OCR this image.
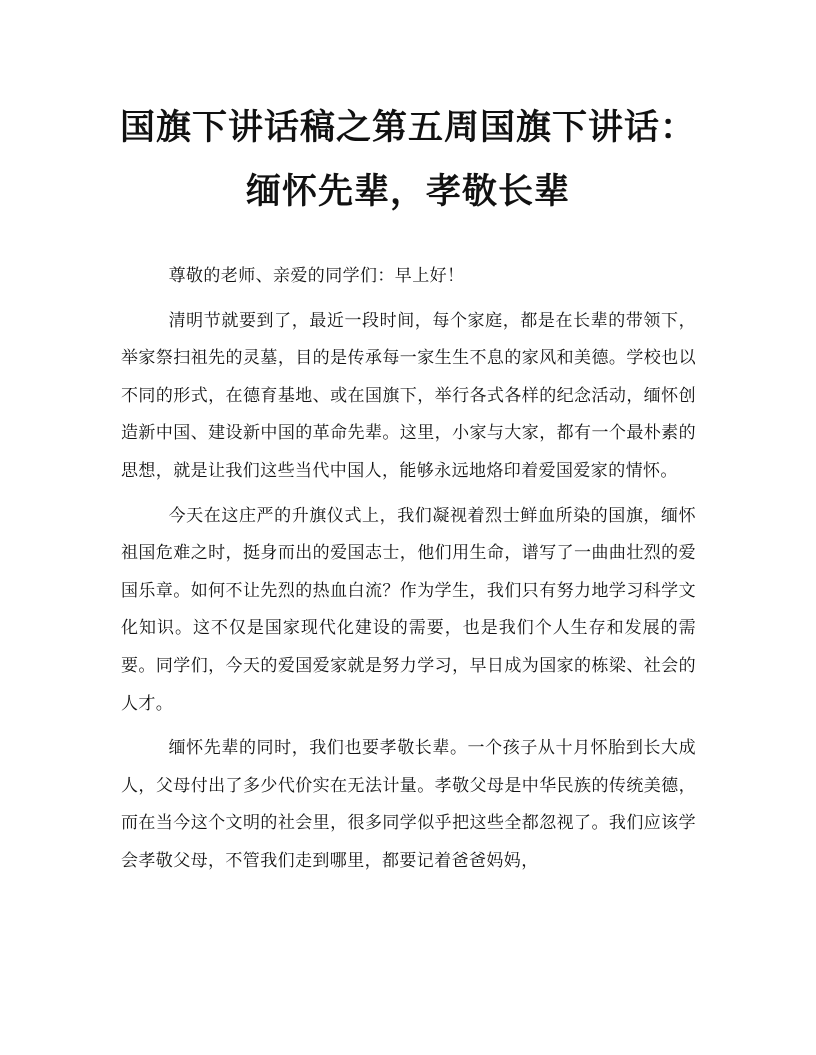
国旗下讲话稿之第五周国旗下讲话：缅怀先辈，孝敬长辈

尊敬的老师、亲爱的同学们：早上好！

清明节就要到了，最近一段时间，每个家庭，都是在长辈的带领下，举家祭扫祖先的灵墓，目的是传承每一家生生不息的家风和美德。学校也以不同的形式，在德育基地、或在国旗下，举行各式各样的纪念活动，缅怀创造新中国、建设新中国的革命先辈。这里，小家与大家，都有一个最朴素的思想，就是让我们这些当代中国人，能够永远地烙印着爱国爱家的情怀。

今天在这庄严的升旗仪式上，我们凝视着烈士鲜血所染的国旗，缅怀祖国危难之时，挺身而出的爱国志士，他们用生命，谱写了一曲曲壮烈的爱国乐章。如何不让先烈的热血白流？作为学生，我们只有努力地学习科学文化知识。这不仅是国家现代化建设的需要，也是我们个人生存和发展的需要。同学们，今天的爱国爱家就是努力学习，早日成为国家的栋梁、社会的人才。

缅怀先辈的同时，我们也要孝敬长辈。一个孩子从十月怀胎到长大成人，父母付出了多少代价实在无法计量。孝敬父母是中华民族的传统美德，而在当今这个文明的社会里，很多同学似乎把这些全都忽视了。我们应该学会孝敬父母，不管我们走到哪里，都要记着爸爸妈妈，
